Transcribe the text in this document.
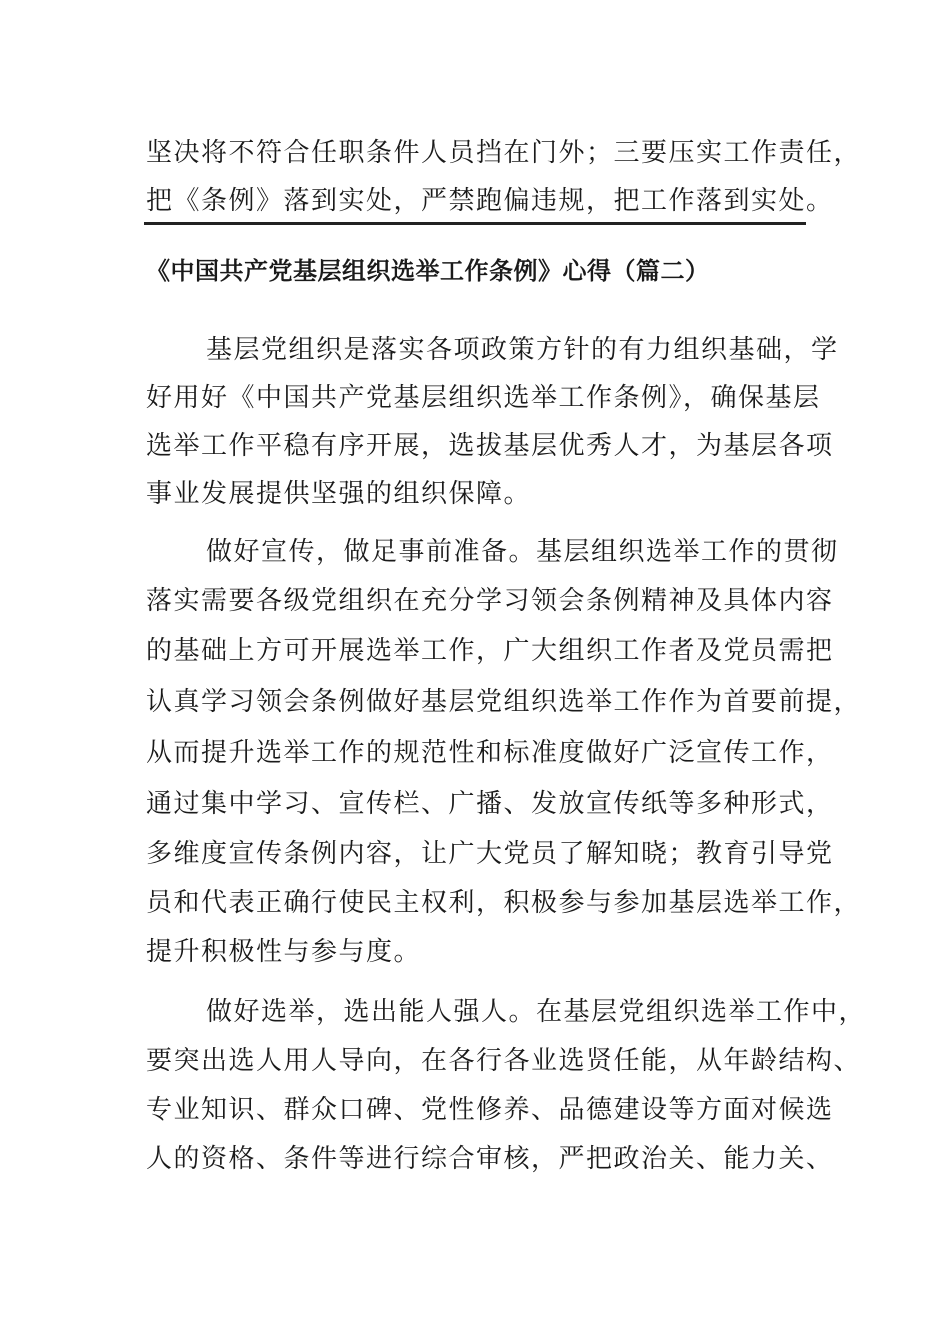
坚决将不符合任职条件人员挡在门外；三要压实工作责任，
把《条例》落到实处，严禁跑偏违规，把工作落到实处。
《中国共产党基层组织选举工作条例》心得（篇二）
基层党组织是落实各项政策方针的有力组织基础，学
好用好《中国共产党基层组织选举工作条例》，确保基层
选举工作平稳有序开展，选拔基层优秀人才，为基层各项
事业发展提供坚强的组织保障。
做好宣传，做足事前准备。基层组织选举工作的贯彻
落实需要各级党组织在充分学习领会条例精神及具体内容
的基础上方可开展选举工作，广大组织工作者及党员需把
认真学习领会条例做好基层党组织选举工作作为首要前提，
从而提升选举工作的规范性和标准度做好广泛宣传工作，
通过集中学习、宣传栏、广播、发放宣传纸等多种形式，
多维度宣传条例内容，让广大党员了解知晓；教育引导党
员和代表正确行使民主权利，积极参与参加基层选举工作，
提升积极性与参与度。
做好选举，选出能人强人。在基层党组织选举工作中，
要突出选人用人导向，在各行各业选贤任能，从年龄结构、
专业知识、群众口碑、党性修养、品德建设等方面对候选
人的资格、条件等进行综合审核，严把政治关、能力关、
